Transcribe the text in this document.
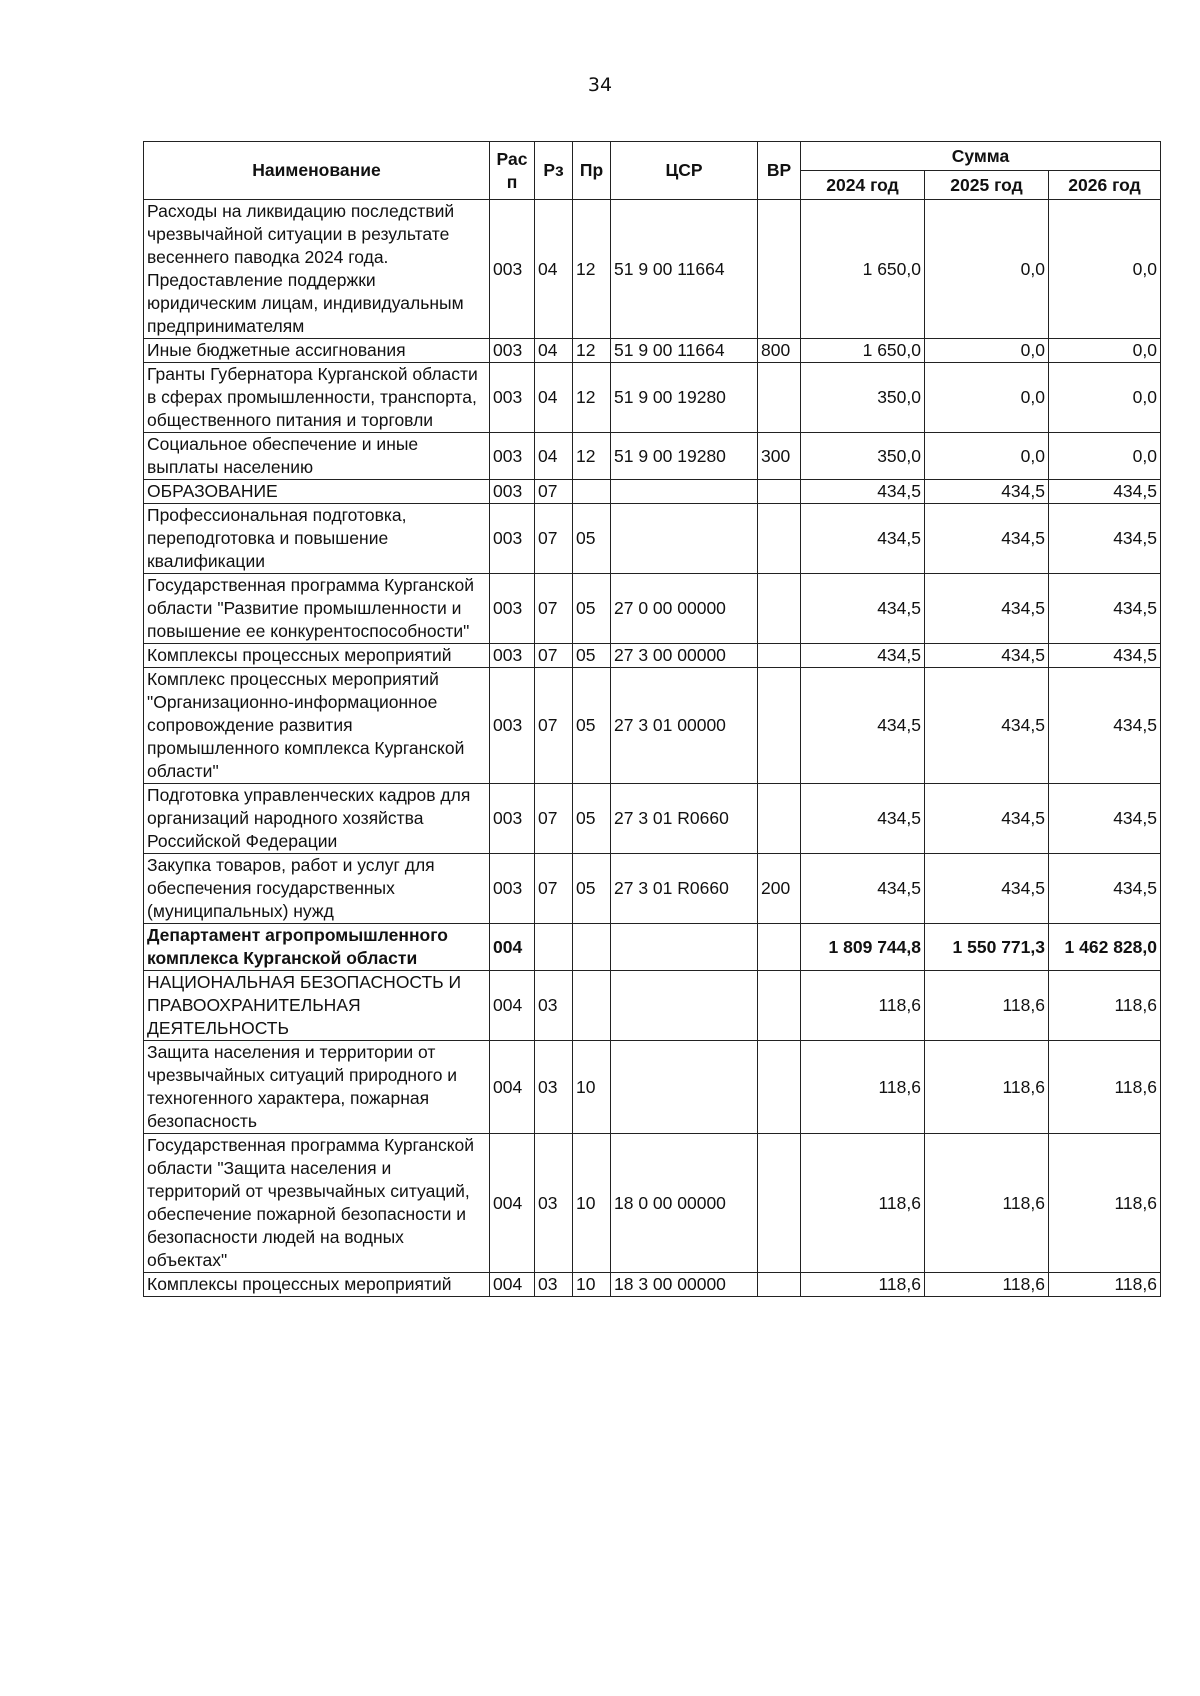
34
Наименование	Рас п	Рз	Пр	ЦСР	ВР	Сумма		
						2024 год	2025 год	2026 год
Расходы на ликвидацию последствий чрезвычайной ситуации в результате весеннего паводка 2024 года. Предоставление поддержки юридическим лицам, индивидуальным предпринимателям	003	04	12	51 9 00 11664		1 650,0	0,0	0,0
Иные бюджетные ассигнования	003	04	12	51 9 00 11664	800	1 650,0	0,0	0,0
Гранты Губернатора Курганской области в сферах промышленности, транспорта, общественного питания и торговли	003	04	12	51 9 00 19280		350,0	0,0	0,0
Социальное обеспечение и иные выплаты населению	003	04	12	51 9 00 19280	300	350,0	0,0	0,0
ОБРАЗОВАНИЕ	003	07				434,5	434,5	434,5
Профессиональная подготовка, переподготовка и повышение квалификации	003	07	05			434,5	434,5	434,5
Государственная программа Курганской области "Развитие промышленности и повышение ее конкурентоспособности"	003	07	05	27 0 00 00000		434,5	434,5	434,5
Комплексы процессных мероприятий	003	07	05	27 3 00 00000		434,5	434,5	434,5
Комплекс процессных мероприятий "Организационно-информационное сопровождение развития промышленного комплекса Курганской области"	003	07	05	27 3 01 00000		434,5	434,5	434,5
Подготовка управленческих кадров для организаций народного хозяйства Российской Федерации	003	07	05	27 3 01 R0660		434,5	434,5	434,5
Закупка товаров, работ и услуг для обеспечения государственных (муниципальных) нужд	003	07	05	27 3 01 R0660	200	434,5	434,5	434,5
Департамент агропромышленного комплекса Курганской области	004					1 809 744,8	1 550 771,3	1 462 828,0
НАЦИОНАЛЬНАЯ БЕЗОПАСНОСТЬ И ПРАВООХРАНИТЕЛЬНАЯ ДЕЯТЕЛЬНОСТЬ	004	03				118,6	118,6	118,6
Защита населения и территории от чрезвычайных ситуаций природного и техногенного характера, пожарная безопасность	004	03	10			118,6	118,6	118,6
Государственная программа Курганской области "Защита населения и территорий от чрезвычайных ситуаций, обеспечение пожарной безопасности и безопасности людей на водных объектах"	004	03	10	18 0 00 00000		118,6	118,6	118,6
Комплексы процессных мероприятий	004	03	10	18 3 00 00000		118,6	118,6	118,6
